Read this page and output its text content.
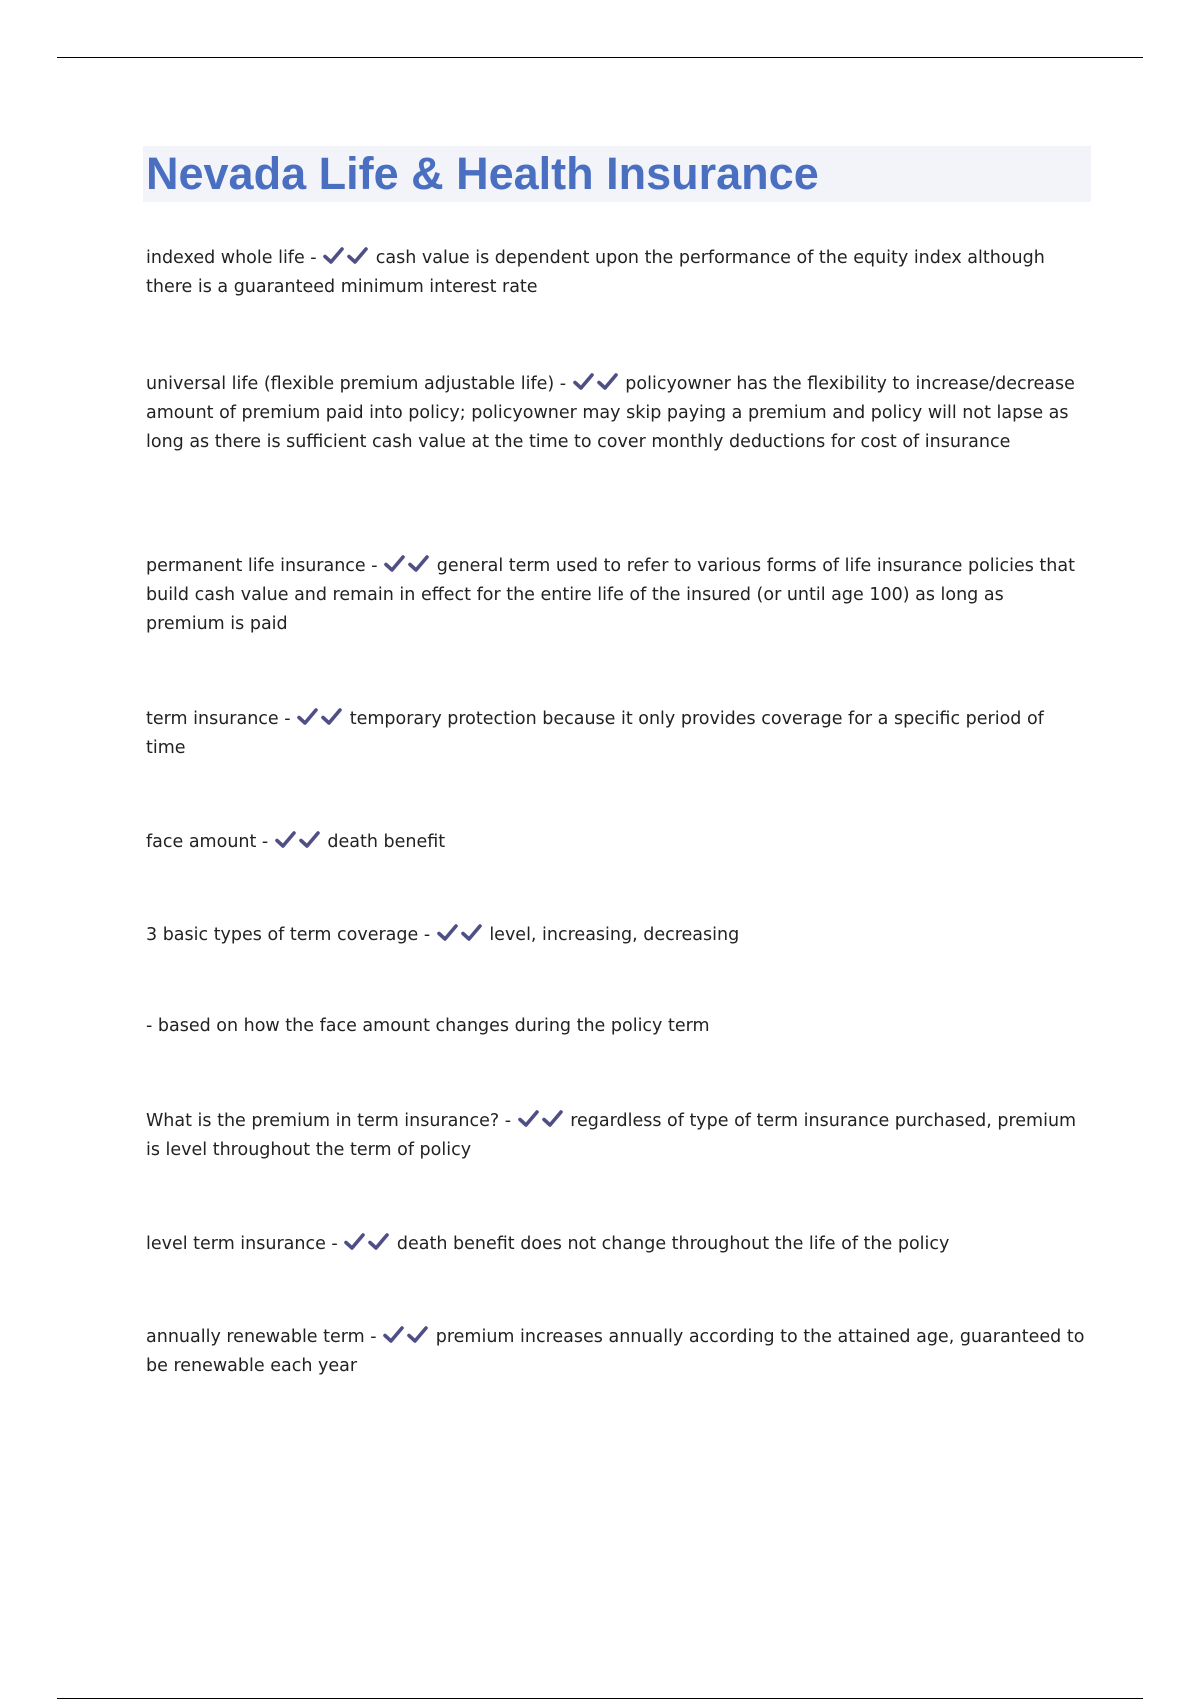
Nevada Life & Health Insurance
indexed whole life -	cash value is dependent upon the performance of the equity index although there is a guaranteed minimum interest rate
universal life (flexible premium adjustable life) -	policyowner has the flexibility to increase/decrease amount of premium paid into policy; policyowner may skip paying a premium and policy will not lapse as long as there is sufficient cash value at the time to cover monthly deductions for cost of insurance
permanent life insurance -	general term used to refer to various forms of life insurance policies that build cash value and remain in effect for the entire life of the insured (or until age 100) as long as premium is paid
term insurance -	temporary protection because it only provides coverage for a specific period of time
face amount -	death benefit
3 basic types of term coverage -	level, increasing, decreasing
- based on how the face amount changes during the policy term
What is the premium in term insurance? -	regardless of type of term insurance purchased, premium is level throughout the term of policy
level term insurance -	death benefit does not change throughout the life of the policy
annually renewable term -	premium increases annually according to the attained age, guaranteed to be renewable each year
